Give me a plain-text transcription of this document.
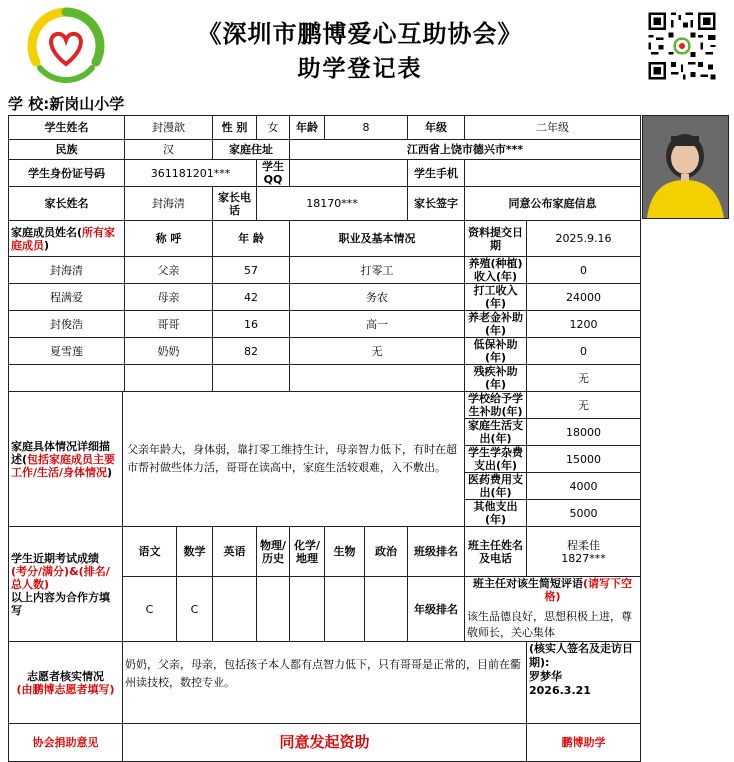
《深圳市鹏博爱心互助协会》
助学登记表
学 校:新岗山小学
学生姓名		封漫歆		性 别	女	年龄	8		年级	二年级	
民族		汉		家庭住址		江西省上饶市德兴市***					
学生身份证号码		361181201***			学生QQ				学生手机		
家长姓名		封海清		家长电话	18170***				家长签字	同意公布家庭信息	
家庭成员姓名(所有家庭成员)		称 呼		年 龄		职业及基本情况				资料提交日期	2025.9.16
封海清		父亲		57		打零工				养殖(种植)收入(年)	0
程满爱		母亲		42		务农				打工收入(年)	24000
封俊浩		哥哥		16		高一				养老金补助(年)	1200
夏雪莲		奶奶		82		无				低保补助(年)	0
										残疾补助(年)	无
家庭具体情况详细描述(包括家庭成员主要工作/生活/身体情况)	父亲年龄大，身体弱，靠打零工维持生计，母亲智力低下，有时在超市帮衬做些体力活，哥哥在读高中，家庭生活较艰难，入不敷出。									学校给予学生补助(年)	无
										家庭生活支出(年)	18000
										学生学杂费支出(年)	15000
										医药费用支出(年)	4000
										其他支出(年)	5000
学生近期考试成绩
(考分/满分)&(排名/总人数)
以上内容为合作方填写	语文		数学	英语	物理/历史	化学/地理	生物	政治	班级排名	班主任姓名及电话	程柔佳
1827***
	C		C						年级排名	班主任对该生简短评语(请写下空格)
该生品德良好，思想积极上进，尊敬师长，关心集体	

志愿者核实情况
(由鹏博志愿者填写)	奶奶，父亲，母亲，包括孩子本人都有点智力低下，只有哥哥是正常的，目前在衢州读技校，数控专业。										(核实人签名及走访日期):
罗梦华
2026.3.21
协会捐助意见	同意发起资助										鹏博助学
